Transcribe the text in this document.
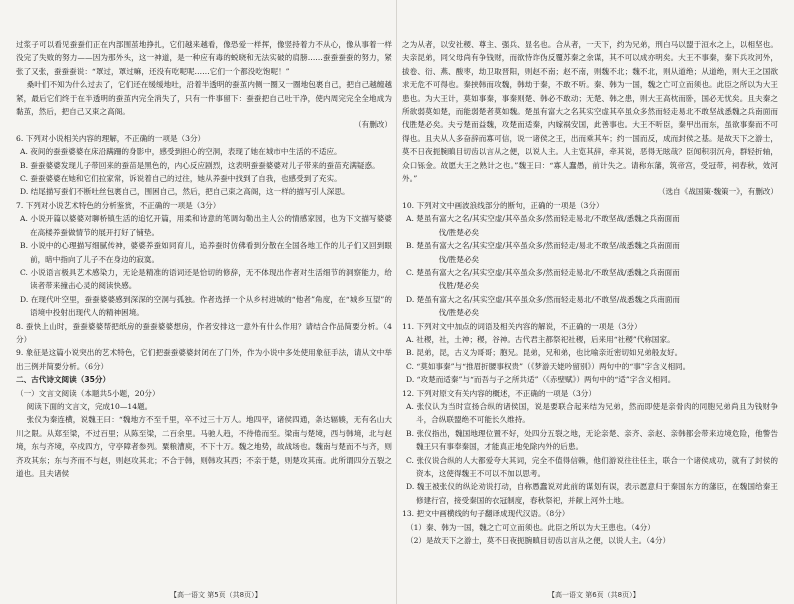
过浆子可以看见蚕蚕们正在内部围茧地挣扎，它们越来越看，像恐爱一样挥，像竖持着力不从心，像从事着一样没完了失败的努力——因为那外头，这一神道，是一种应有毒的蜕晓和无法实破的肩膀……蚕蚕蚕蚕的努力，紧张了又张，蚕蚕蚕说：“罩过，罩过嘛，还没有吃呢呢……它们一个都没吃饱呢！”

桑叶们不知为什么过去了，它们还在缓缓地吐，沿着半透明的蚕茧内侧一圈又一圈地包裹自己，把自己越缠越紧，最后它们终于在半透明的蚕茧内完全消失了，只有一件事留下：蚕蚕把自己吐干净，使内周完完全全地成为黏茧，然后，把自己又束之高阁。

（有删改）

6. 下列对小说相关内容的理解，不正确的一项是（3分）

A. 夜间的蚕蚕婆婆在床沿蹒跚的身影中，感受到担心的空洞，表现了她在城市中生活的不适应。

B. 蚕蚕婆婆发现儿子带回来的蚕苗是黑色的，内心反应剧烈，这表明蚕蚕婆婆对儿子带来的蚕苗充满疑惑。

C. 蚕蚕婆婆在她和它们拉家常，诉说着自己的过往，她从养蚕中找到了自我，也感受到了充实。

D. 结尾描写蚕们不断吐丝包裹自己，围困自己，然后，把自己束之高阁，这一样的描写引人深思。

7. 下列对小说艺术特色的分析鉴赏，不正确的一项是（3分）

A. 小说开篇以婆婆对聊桥镇生活的追忆开篇，用柔和诗意的笔调勾勒出主人公的情感家园，也为下文描写婆婆在高楼养蚕做情节的展开打好了铺垫。

B. 小说中的心理描写细腻传神，婆婆养蚕如同育儿，追养蚕时仿佛看到分散在全国各地工作的儿子们又回到眼前，暗中指向了儿子不在身边的寂寞。

C. 小说语言极具艺术感染力，无论是精准的语词还是恰切的修辞，无不体现出作者对生活细节的洞察能力，给读者带来撞击心灵的阅读快感。

D. 在现代叶空里，蚕蚕婆婆感到深深的空洞与孤独。作者选择一个从乡村进城的“他者”角度，在“城乡互望”的语境中投射出现代人的精神困境。

8. 蚕快上山时，蚕蚕婆婆帮把纸房的蚕蚕婆婆想房，作者安排这一意外有什么作用？请结合作品简要分析。（4分）

9. 象征是这篇小说突出的艺术特色，它们把蚕蚕婆婆封闭在了门外，作为小说中多处使用象征手法，请从文中举出三例并简要分析。（6分）

二、古代诗文阅读（35分）

（一）文言文阅读（本题共5小题，20分）

阅读下面的文言文，完成10—14题。

张仪为秦连横，说魏王曰：“魏地方不至千里，卒不过三十万人。地四平，诸侯四通，条达辐辏，无有名山大川之限。从郑至梁，不过百里；从陈至梁，二百余里。马驰人趋，不待倦而至。梁南与楚境，西与韩境，北与赵境，东与齐境，卒戍四方，守亭障者参列。粟粮漕庾，不下十万。魏之地势，故战场也。魏南与楚而不与齐，则齐攻其东；东与齐而不与赵，则赵攻其北；不合于韩，则韩攻其西；不亲于楚，则楚攻其南。此所谓四分五裂之道也。且夫诸侯

【高一语文 第5页（共8页）】

之为从者，以安社稷、尊主、强兵、显名也。合从者，一天下，约为兄弟，刑白马以盟于洹水之上，以相坚也。夫亲昆弟，同父母尚有争钱财，而欲恃诈伪反覆苏秦之余谋，其不可以成亦明矣。大王不事秦，秦下兵攻河外，拔卷、衍、燕、酸枣，劫卫取晋阳，则赵不南；赵不南，则魏不北；魏不北，则从道绝；从道绝，则大王之国欲求无危不可得也。秦挟韩而攻魏，韩劫于秦，不敢不听。秦、韩为一国，魏之亡可立而须也。此臣之所以为大王患也。为大王计，莫如事秦，事秦则楚、韩必不敢动；无楚、韩之患，则大王高枕而卧，国必无忧矣。且夫秦之所欲弱莫如楚，而能弱楚者莫如魏。楚虽有富大之名其实空虚其卒虽众多然而轻走易北不敢坚战悉魏之兵南面而伐胜楚必矣。夫亏楚而益魏，攻楚而适秦，内嫁祸安国，此善事也。大王不听臣，秦甲出而东，虽欲事秦而不可得也。且夫从人多奋辞而寡可信，说一诸侯之王，出而乘其车；约一国而反，成而封侯之基。是故天下之游士，莫不日夜扼腕瞋目切齿以言从之便，以说人主。人主览其辞，牵其说，恶得无眩哉？臣闻积羽沉舟，群轻折轴，众口铄金。故愿大王之熟计之也。”魏王曰：“寡人蠢愚，前计失之。请称东藩，筑帝宫，受冠带，祠春秋，效河外。”

（选自《战国策·魏策一》，有删改）

10. 下列对文中画波浪线部分的断句，正确的一项是（3分）

A. 楚虽有富大之名/其实空虚/其卒虽众多/然而轻走易北/不敢坚战/悉魏之兵南面而

伐/胜楚必矣

B. 楚虽有富大之名/其实空虚/其卒虽众多/然而轻走/易北不敢坚/战悉魏之兵南面而

伐/胜楚必矣

C. 楚虽有富大之名/其实空虚/其卒虽众多/然而轻走易北/不敢坚战/悉魏之兵南面而

伐胜/楚必矣

D. 楚虽有富大之名/其实空虚/其卒虽众多/然而轻走易北/不敢坚/战悉魏之兵南面而

伐/胜楚必矣

11. 下列对文中加点的词语及相关内容的解说，不正确的一项是（3分）

A. 社稷，社，土神；稷，谷神。古代君主都祭祀社稷，后来用“社稷”代称国家。

B. 昆弟，昆，古义为哥哥；胞兄。昆弟，兄和弟，也比喻亲近密切如兄弟般友好。

C. “莫如事秦”与“推眉折腰事权贵”（《梦游天姥吟留别》）两句中的“事”字含义相同。

D. “攻楚而适秦”与“而吾与子之所共适”（《赤壁赋》）两句中的“适”字含义相同。

12. 下列对原文有关内容的概述，不正确的一项是（3分）

A. 张仪认为当时宣扬合纵的诸侯国，说是要联合起来结为兄弟，然而即使是亲骨肉的同胞兄弟尚且为钱财争斗，合纵联盟绝不可能长久维持。

B. 张仪指出，魏国地理位置不好，处四分五裂之地，无论亲楚、亲齐、亲赵、亲韩都会带来边境危险，他警告魏王只有事奉秦国，才能真正地免除内外的后患。

C. 张仪说合纵的人大都爱夸大其词，完全不值得信赖，他们游说往往任主，联合一个诸侯成功，就有了封侯的资本，这使得魏王不可以不加以思考。

D. 魏王被张仪的纵论劝说打动，自称愚蠢说对此前的谋划有误，表示愿意归于秦国东方的藩臣，在魏国给秦王修建行宫，接受秦国的衣冠制度，春秋祭祀，并献上河外土地。

13. 把文中画横线的句子翻译成现代汉语。（8分）

（1）秦、韩为一国，魏之亡可立而须也。此臣之所以为大王患也。（4分）

（2）是故天下之游士，莫不日夜扼腕瞋目切齿以言从之便，以说人主。（4分）

【高一语文 第6页（共8页）】
